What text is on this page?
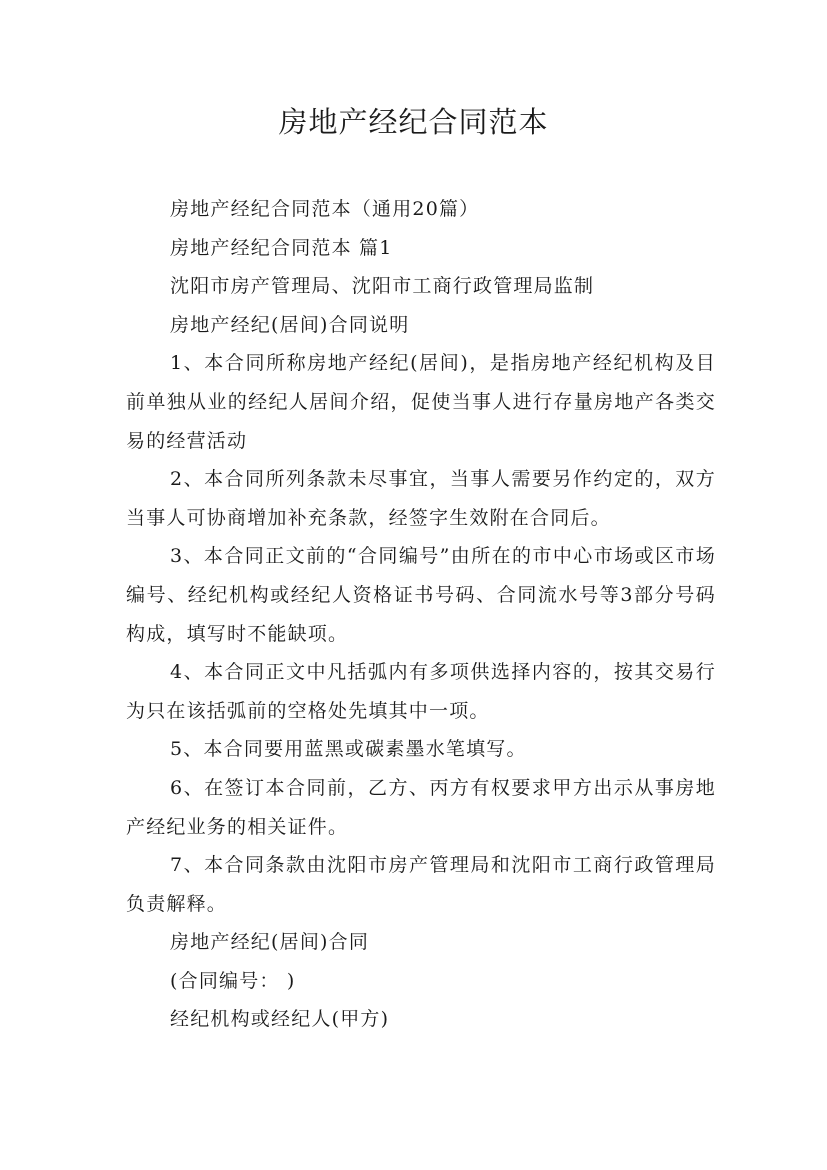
房地产经纪合同范本

房地产经纪合同范本（通用20篇）

房地产经纪合同范本 篇1

沈阳市房产管理局、沈阳市工商行政管理局监制

房地产经纪(居间)合同说明

1、本合同所称房地产经纪(居间)，是指房地产经纪机构及目前单独从业的经纪人居间介绍，促使当事人进行存量房地产各类交易的经营活动

2、本合同所列条款未尽事宜，当事人需要另作约定的，双方当事人可协商增加补充条款，经签字生效附在合同后。

3、本合同正文前的“合同编号”由所在的市中心市场或区市场编号、经纪机构或经纪人资格证书号码、合同流水号等3部分号码构成，填写时不能缺项。

4、本合同正文中凡括弧内有多项供选择内容的，按其交易行为只在该括弧前的空格处先填其中一项。

5、本合同要用蓝黑或碳素墨水笔填写。

6、在签订本合同前，乙方、丙方有权要求甲方出示从事房地产经纪业务的相关证件。

7、本合同条款由沈阳市房产管理局和沈阳市工商行政管理局负责解释。

房地产经纪(居间)合同

(合同编号： )

经纪机构或经纪人(甲方)
